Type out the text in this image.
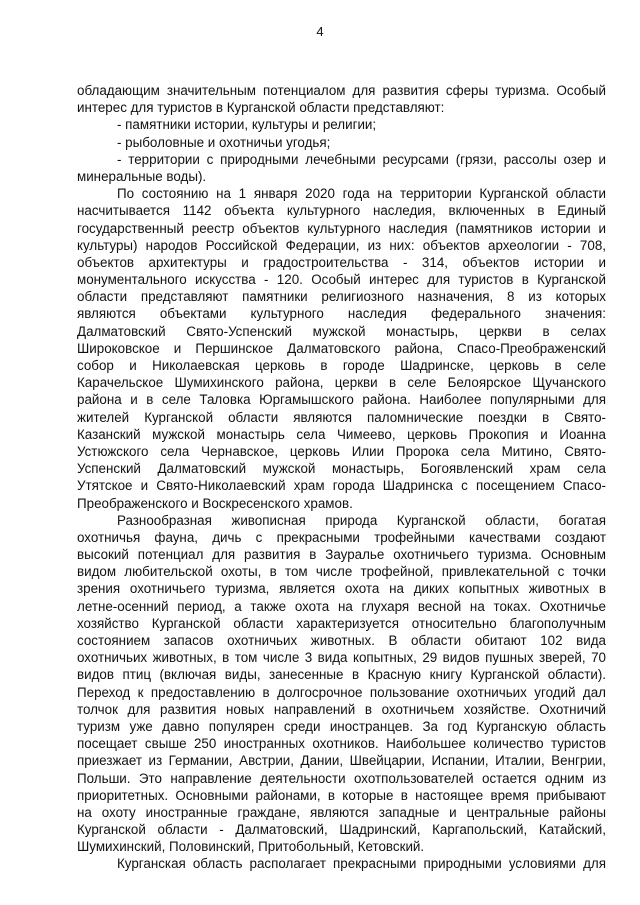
4
обладающим значительным потенциалом для развития сферы туризма. Особый
интерес для туристов в Курганской области представляют:
- памятники истории, культуры и религии;
- рыболовные и охотничьи угодья;
- территории с природными лечебными ресурсами (грязи, рассолы озер и
минеральные воды).
По состоянию на 1 января 2020 года на территории Курганской области
насчитывается 1142 объекта культурного наследия, включенных в Единый
государственный реестр объектов культурного наследия (памятников истории и
культуры) народов Российской Федерации, из них: объектов археологии - 708,
объектов архитектуры и градостроительства - 314, объектов истории и
монументального искусства - 120. Особый интерес для туристов в Курганской
области представляют памятники религиозного назначения, 8 из которых
являются объектами культурного наследия федерального значения:
Далматовский Свято-Успенский мужской монастырь, церкви в селах
Широковское и Першинское Далматовского района, Спасо-Преображенский
собор и Николаевская церковь в городе Шадринске, церковь в селе
Карачельское Шумихинского района, церкви в селе Белоярское Щучанского
района и в селе Таловка Юргамышского района. Наиболее популярными для
жителей Курганской области являются паломнические поездки в Свято-
Казанский мужской монастырь села Чимеево, церковь Прокопия и Иоанна
Устюжского села Чернавское, церковь Илии Пророка села Митино, Свято-
Успенский Далматовский мужской монастырь, Богоявленский храм села
Утятское и Свято-Николаевский храм города Шадринска с посещением Спасо-
Преображенского и Воскресенского храмов.
Разнообразная живописная природа Курганской области, богатая
охотничья фауна, дичь с прекрасными трофейными качествами создают
высокий потенциал для развития в Зауралье охотничьего туризма. Основным
видом любительской охоты, в том числе трофейной, привлекательной с точки
зрения охотничьего туризма, является охота на диких копытных животных в
летне-осенний период, а также охота на глухаря весной на токах. Охотничье
хозяйство Курганской области характеризуется относительно благополучным
состоянием запасов охотничьих животных. В области обитают 102 вида
охотничьих животных, в том числе 3 вида копытных, 29 видов пушных зверей, 70
видов птиц (включая виды, занесенные в Красную книгу Курганской области).
Переход к предоставлению в долгосрочное пользование охотничьих угодий дал
толчок для развития новых направлений в охотничьем хозяйстве. Охотничий
туризм уже давно популярен среди иностранцев. За год Курганскую область
посещает свыше 250 иностранных охотников. Наибольшее количество туристов
приезжает из Германии, Австрии, Дании, Швейцарии, Испании, Италии, Венгрии,
Польши. Это направление деятельности охотпользователей остается одним из
приоритетных. Основными районами, в которые в настоящее время прибывают
на охоту иностранные граждане, являются западные и центральные районы
Курганской области - Далматовский, Шадринский, Каргапольский, Катайский,
Шумихинский, Половинский, Притобольный, Кетовский.
Курганская область располагает прекрасными природными условиями для
